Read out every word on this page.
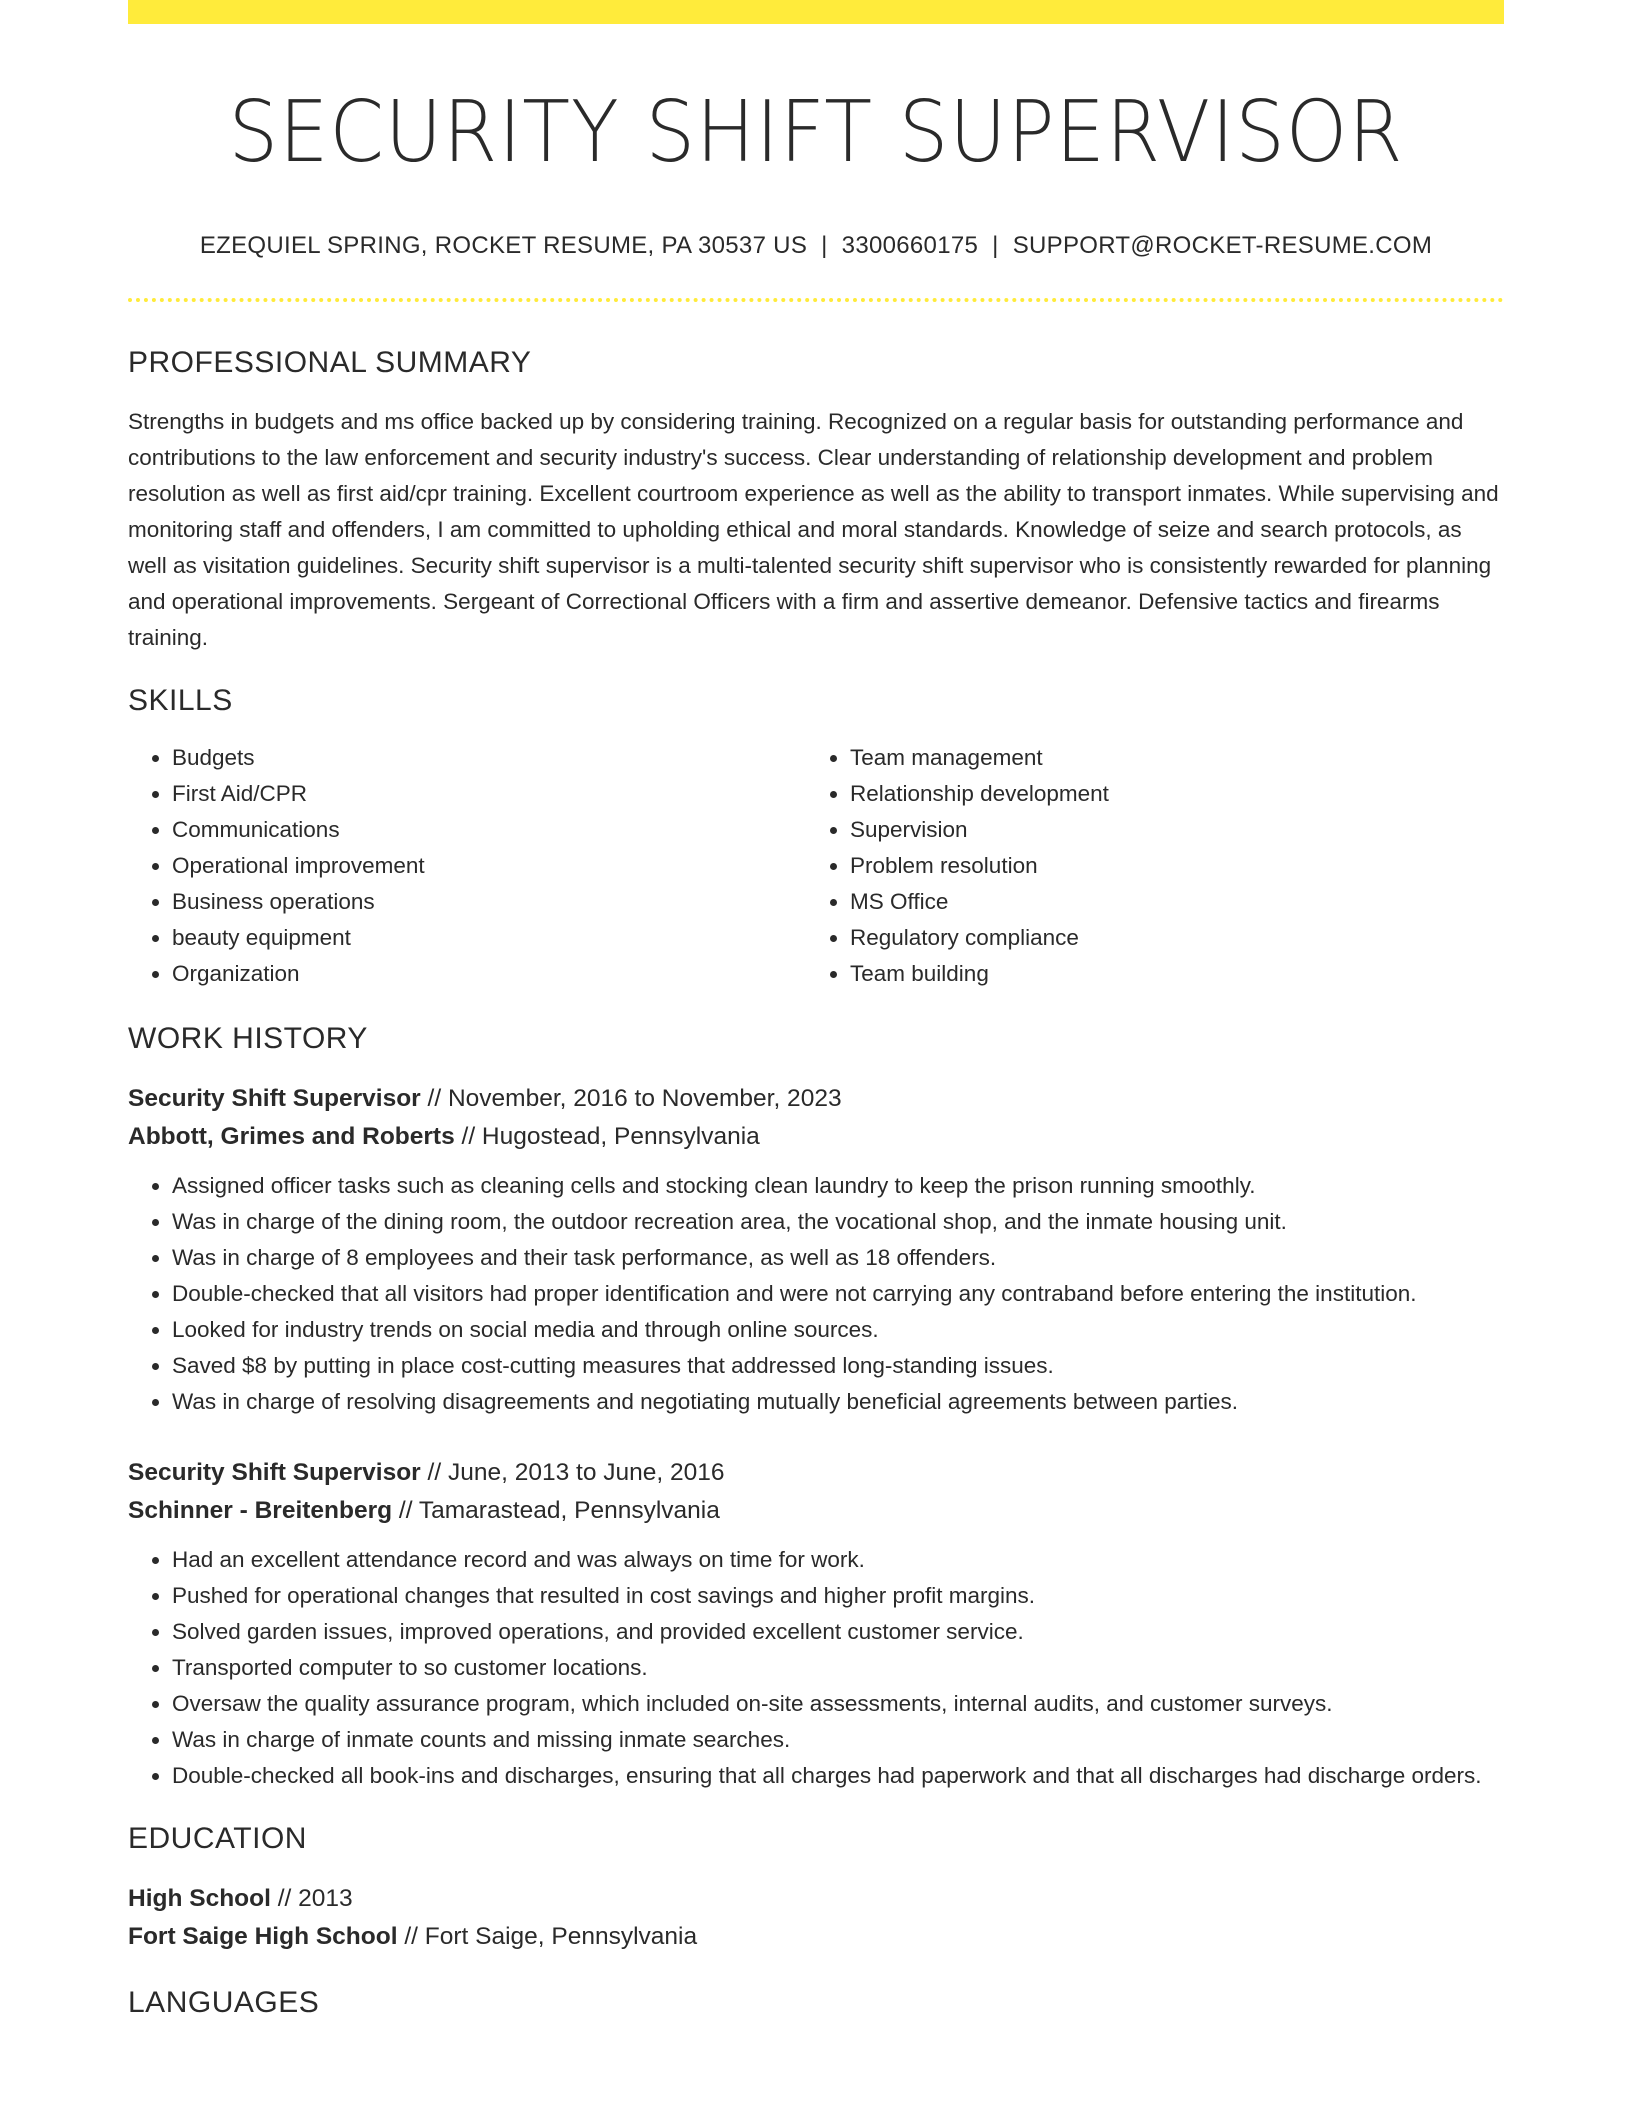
SECURITY SHIFT SUPERVISOR
EZEQUIEL SPRING, ROCKET RESUME, PA 30537 US | 3300660175 | SUPPORT@ROCKET-RESUME.COM
PROFESSIONAL SUMMARY
Strengths in budgets and ms office backed up by considering training. Recognized on a regular basis for outstanding performance and contributions to the law enforcement and security industry's success. Clear understanding of relationship development and problem resolution as well as first aid/cpr training. Excellent courtroom experience as well as the ability to transport inmates. While supervising and monitoring staff and offenders, I am committed to upholding ethical and moral standards. Knowledge of seize and search protocols, as well as visitation guidelines. Security shift supervisor is a multi-talented security shift supervisor who is consistently rewarded for planning and operational improvements. Sergeant of Correctional Officers with a firm and assertive demeanor. Defensive tactics and firearms training.
SKILLS
• Budgets
• First Aid/CPR
• Communications
• Operational improvement
• Business operations
• beauty equipment
• Organization
• Team management
• Relationship development
• Supervision
• Problem resolution
• MS Office
• Regulatory compliance
• Team building
WORK HISTORY
Security Shift Supervisor // November, 2016 to November, 2023
Abbott, Grimes and Roberts // Hugostead, Pennsylvania
• Assigned officer tasks such as cleaning cells and stocking clean laundry to keep the prison running smoothly.
• Was in charge of the dining room, the outdoor recreation area, the vocational shop, and the inmate housing unit.
• Was in charge of 8 employees and their task performance, as well as 18 offenders.
• Double-checked that all visitors had proper identification and were not carrying any contraband before entering the institution.
• Looked for industry trends on social media and through online sources.
• Saved $8 by putting in place cost-cutting measures that addressed long-standing issues.
• Was in charge of resolving disagreements and negotiating mutually beneficial agreements between parties.
Security Shift Supervisor // June, 2013 to June, 2016
Schinner - Breitenberg // Tamarastead, Pennsylvania
• Had an excellent attendance record and was always on time for work.
• Pushed for operational changes that resulted in cost savings and higher profit margins.
• Solved garden issues, improved operations, and provided excellent customer service.
• Transported computer to so customer locations.
• Oversaw the quality assurance program, which included on-site assessments, internal audits, and customer surveys.
• Was in charge of inmate counts and missing inmate searches.
• Double-checked all book-ins and discharges, ensuring that all charges had paperwork and that all discharges had discharge orders.
EDUCATION
High School // 2013
Fort Saige High School // Fort Saige, Pennsylvania
LANGUAGES
